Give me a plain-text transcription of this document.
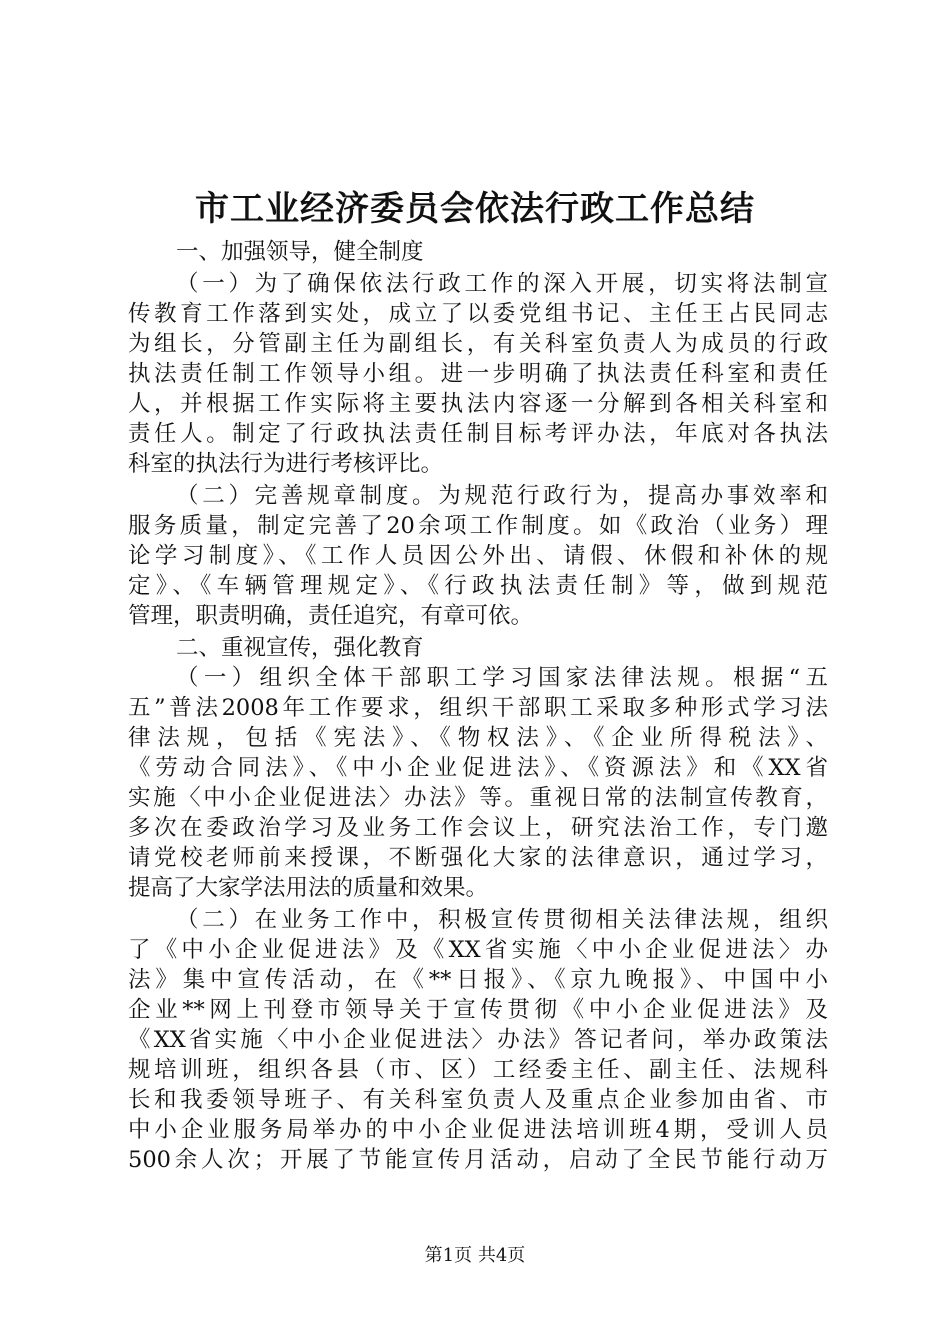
市工业经济委员会依法行政工作总结
一、加强领导，健全制度
（一）为了确保依法行政工作的深入开展，切实将法制宣
传教育工作落到实处，成立了以委党组书记、主任王占民同志
为组长，分管副主任为副组长，有关科室负责人为成员的行政
执法责任制工作领导小组。进一步明确了执法责任科室和责任
人，并根据工作实际将主要执法内容逐一分解到各相关科室和
责任人。制定了行政执法责任制目标考评办法，年底对各执法
科室的执法行为进行考核评比。
（二）完善规章制度。为规范行政行为，提高办事效率和
服务质量，制定完善了20余项工作制度。如《政治（业务）理
论学习制度》、《工作人员因公外出、请假、休假和补休的规
定》、《车辆管理规定》、《行政执法责任制》等，做到规范
管理，职责明确，责任追究，有章可依。
二、重视宣传，强化教育
（一）组织全体干部职工学习国家法律法规。根据“五
五”普法2008年工作要求，组织干部职工采取多种形式学习法
律法规，包括《宪法》、《物权法》、《企业所得税法》、
《劳动合同法》、《中小企业促进法》、《资源法》和《XX省
实施〈中小企业促进法〉办法》等。重视日常的法制宣传教育，
多次在委政治学习及业务工作会议上，研究法治工作，专门邀
请党校老师前来授课，不断强化大家的法律意识，通过学习，
提高了大家学法用法的质量和效果。
（二）在业务工作中，积极宣传贯彻相关法律法规，组织
了《中小企业促进法》及《XX省实施〈中小企业促进法〉办
法》集中宣传活动，在《**日报》、《京九晚报》、中国中小
企业**网上刊登市领导关于宣传贯彻《中小企业促进法》及
《XX省实施〈中小企业促进法〉办法》答记者问，举办政策法
规培训班，组织各县（市、区）工经委主任、副主任、法规科
长和我委领导班子、有关科室负责人及重点企业参加由省、市
中小企业服务局举办的中小企业促进法培训班4期，受训人员
500余人次；开展了节能宣传月活动，启动了全民节能行动万
第1页 共4页
